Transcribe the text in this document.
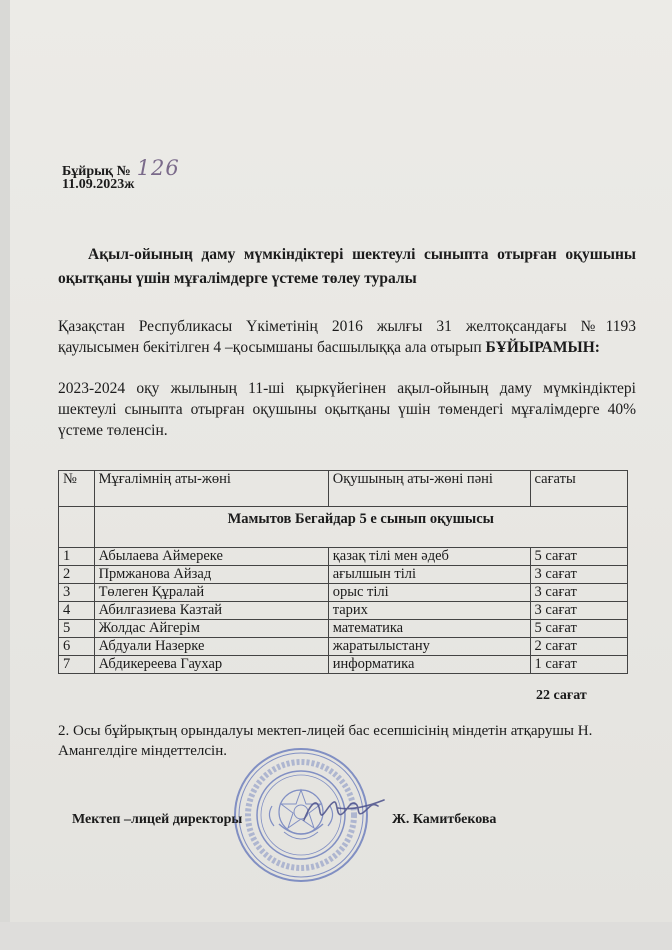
Бұйрық № 126
11.09.2023ж
Ақыл-ойының даму мүмкіндіктері шектеулі сыныпта отырған оқушыны оқытқаны үшін мұғалімдерге үстеме төлеу туралы
Қазақстан Республикасы Үкіметінің 2016 жылғы 31 желтоқсандағы №1193 қаулысымен бекітілген 4 –қосымшаны басшылыққа ала отырып БҰЙЫРАМЫН:
2023-2024 оқу жылының 11-ші қыркүйегінен ақыл-ойының даму мүмкіндіктері шектеулі сыныпта отырған оқушыны оқытқаны үшін төмендегі мұғалімдерге 40% үстеме төленсін.
№	Мұғалімнің аты-жөні	Оқушының аты-жөні пәні	сағаты
	Мамытов Бегайдар 5 е сынып оқушысы		
1	Абылаева Аймереке	қазақ тілі мен әдеб	5 сағат
2	Прмжанова Айзад	ағылшын тілі	3 сағат
3	Төлеген Құралай	орыс тілі	3 сағат
4	Абилгазиева Казтай	тарих	3 сағат
5	Жолдас Айгерім	математика	5 сағат
6	Абдуали Назерке	жаратылыстану	2 сағат
7	Абдикереева Гаухар	информатика	1 сағат
22 сағат
2. Осы бұйрықтың орындалуы мектеп-лицей бас есепшісінің міндетін атқарушы Н. Амангелдіге міндеттелсін.
Мектеп –лицей директоры	Ж. Камитбекова
